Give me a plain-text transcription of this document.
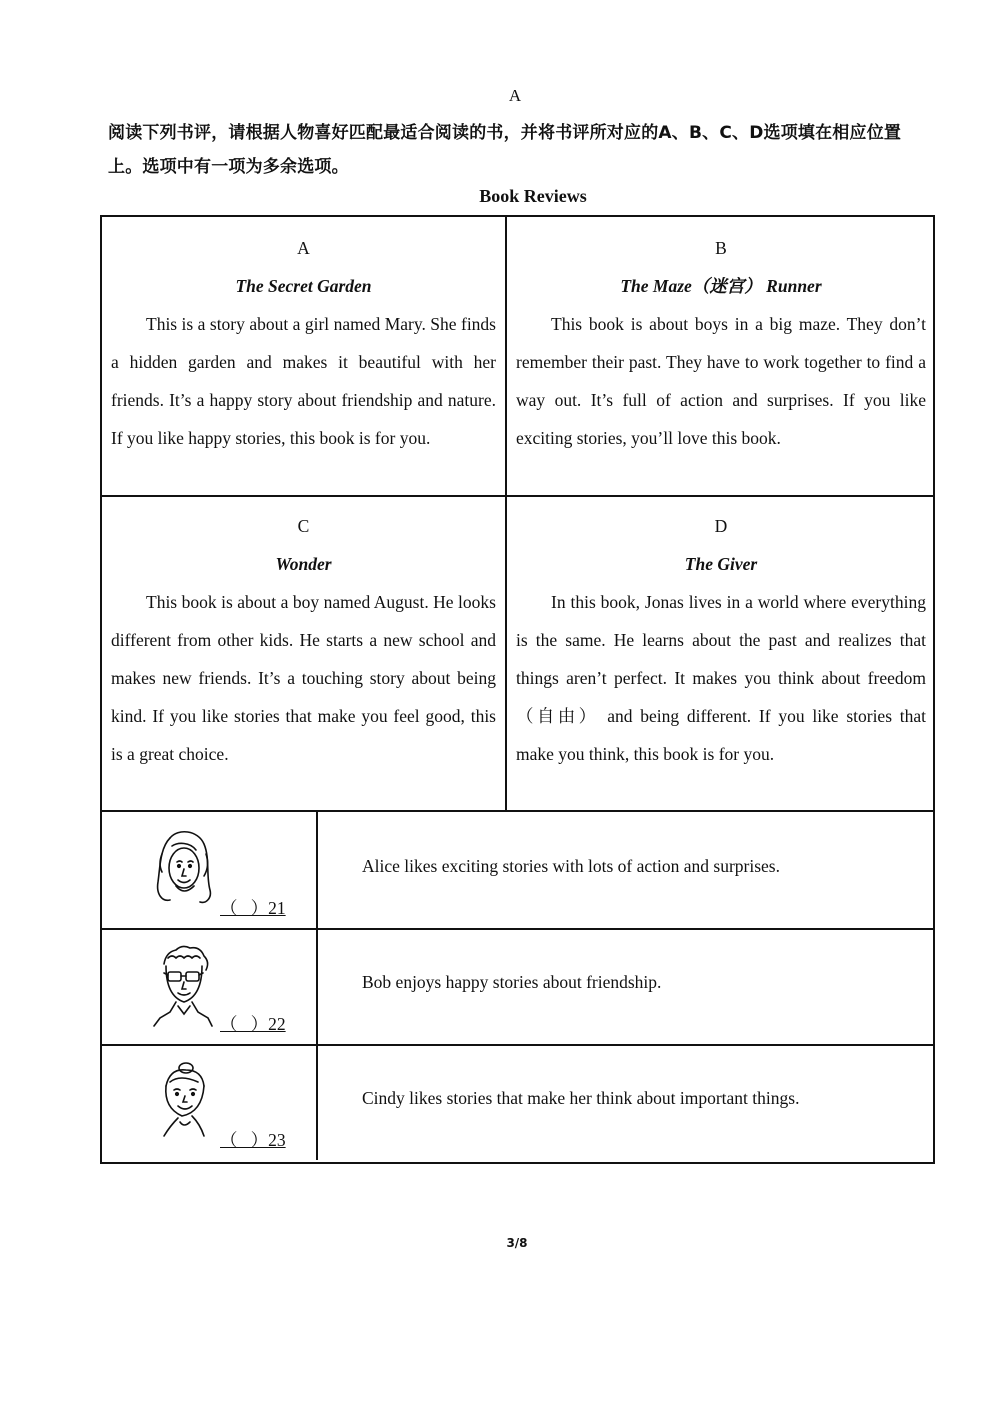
A
阅读下列书评，请根据人物喜好匹配最适合阅读的书，并将书评所对应的A、B、C、D选项填在相应位置上。选项中有一项为多余选项。
Book Reviews
A
The Secret Garden
This is a story about a girl named Mary. She finds a hidden garden and makes it beautiful with her friends. It’s a happy story about friendship and nature. If you like happy stories, this book is for you.
B
The Maze（迷宫） Runner
This book is about boys in a big maze. They don’t remember their past. They have to work together to find a way out. It’s full of action and surprises. If you like exciting stories, you’ll love this book.
C
Wonder
This book is about a boy named August. He looks different from other kids. He starts a new school and makes new friends. It’s a touching story about being kind. If you like stories that make you feel good, this is a great choice.
D
The Giver
In this book, Jonas lives in a world where everything is the same. He learns about the past and realizes that things aren’t perfect. It makes you think about freedom（自由） and being different. If you like stories that make you think, this book is for you.
（   ）21
Alice likes exciting stories with lots of action and surprises.
（   ）22
Bob enjoys happy stories about friendship.
（   ）23
Cindy likes stories that make her think about important things.
3/8
